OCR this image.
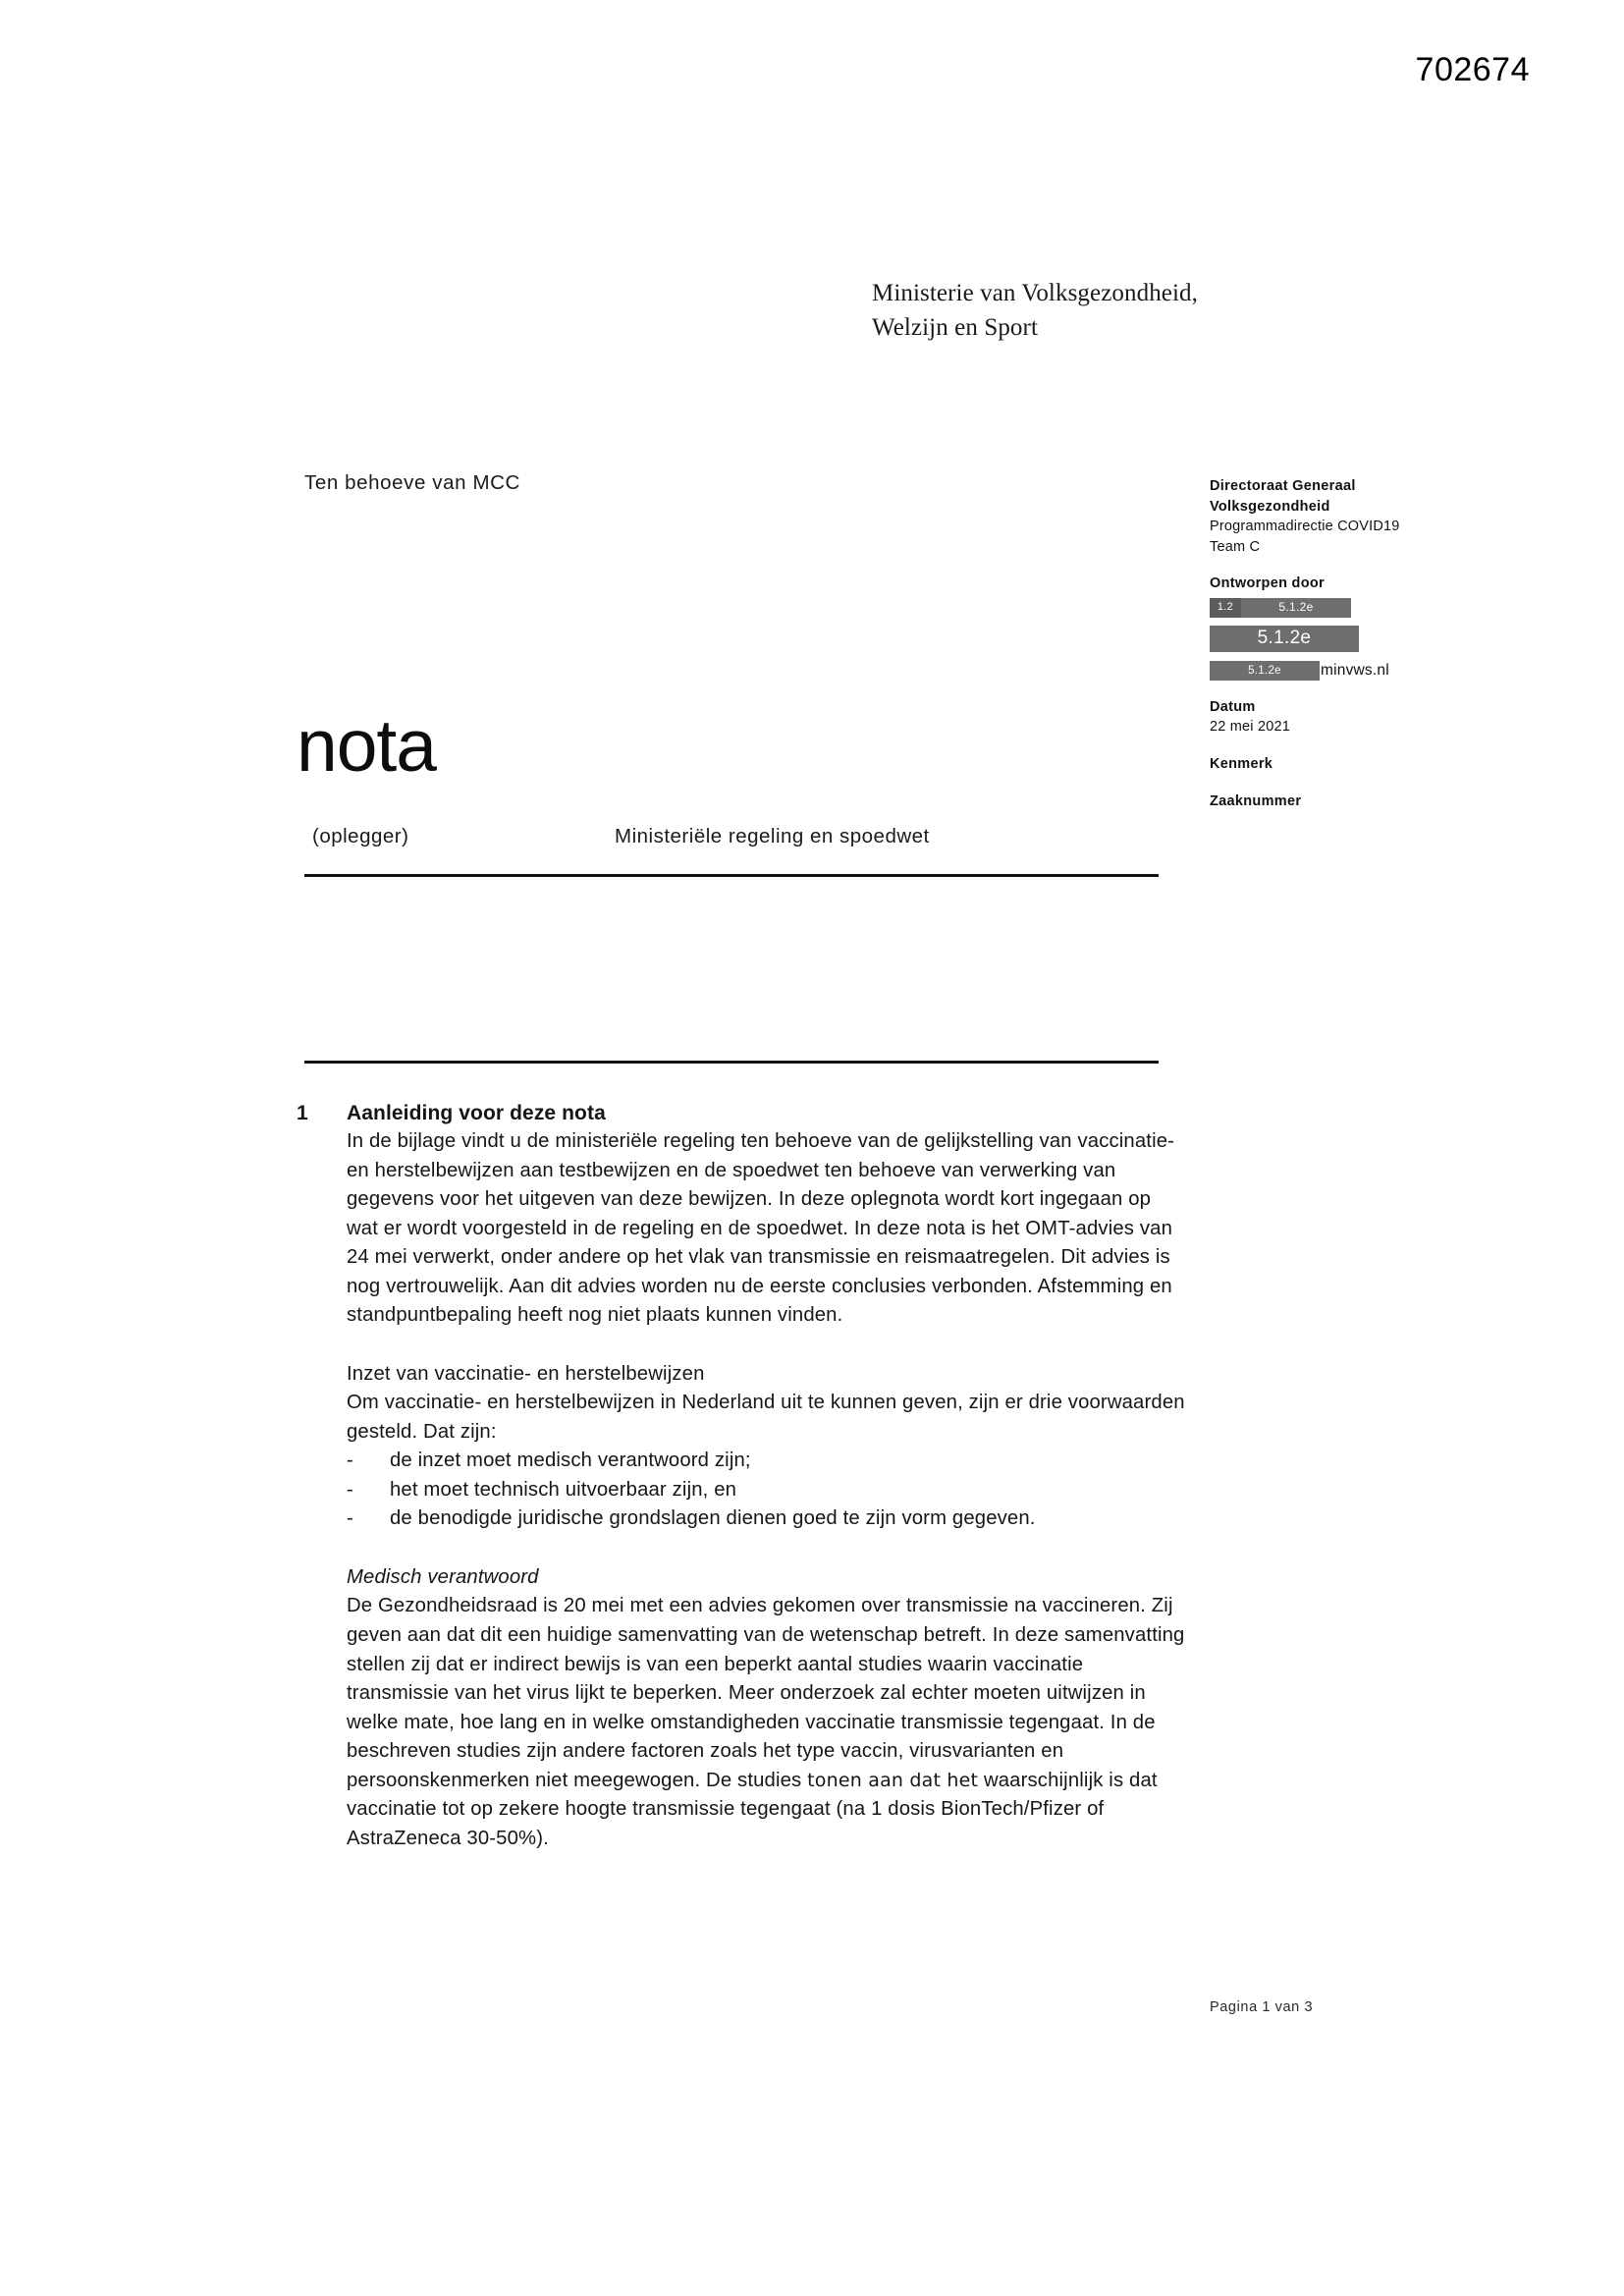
702674
Ministerie van Volksgezondheid,
Welzijn en Sport
Ten behoeve van MCC
nota
(oplegger)	Ministeriële regeling en spoedwet
Directoraat Generaal
Volksgezondheid
Programmadirectie COVID19
Team C
Ontworpen door
1.2	5.1.2e
5.1.2e
5.1.2e	minvws.nl
Datum
22 mei 2021
Kenmerk
Zaaknummer
1 Aanleiding voor deze nota

In de bijlage vindt u de ministeriële regeling ten behoeve van de gelijkstelling van vaccinatie- en herstelbewijzen aan testbewijzen en de spoedwet ten behoeve van verwerking van gegevens voor het uitgeven van deze bewijzen. In deze oplegnota wordt kort ingegaan op wat er wordt voorgesteld in de regeling en de spoedwet. In deze nota is het OMT-advies van 24 mei verwerkt, onder andere op het vlak van transmissie en reismaatregelen. Dit advies is nog vertrouwelijk. Aan dit advies worden nu de eerste conclusies verbonden. Afstemming en standpuntbepaling heeft nog niet plaats kunnen vinden.

Inzet van vaccinatie- en herstelbewijzen

Om vaccinatie- en herstelbewijzen in Nederland uit te kunnen geven, zijn er drie voorwaarden gesteld. Dat zijn:

- de inzet moet medisch verantwoord zijn;
- het moet technisch uitvoerbaar zijn, en
- de benodigde juridische grondslagen dienen goed te zijn vorm gegeven.

Medisch verantwoord

De Gezondheidsraad is 20 mei met een advies gekomen over transmissie na vaccineren. Zij geven aan dat dit een huidige samenvatting van de wetenschap betreft. In deze samenvatting stellen zij dat er indirect bewijs is van een beperkt aantal studies waarin vaccinatie transmissie van het virus lijkt te beperken. Meer onderzoek zal echter moeten uitwijzen in welke mate, hoe lang en in welke omstandigheden vaccinatie transmissie tegengaat. In de beschreven studies zijn andere factoren zoals het type vaccin, virusvarianten en persoonskenmerken niet meegewogen. De studies tonen aan dat het waarschijnlijk is dat vaccinatie tot op zekere hoogte transmissie tegengaat (na 1 dosis BionTech/Pfizer of AstraZeneca 30-50%).

Pagina 1 van 3
